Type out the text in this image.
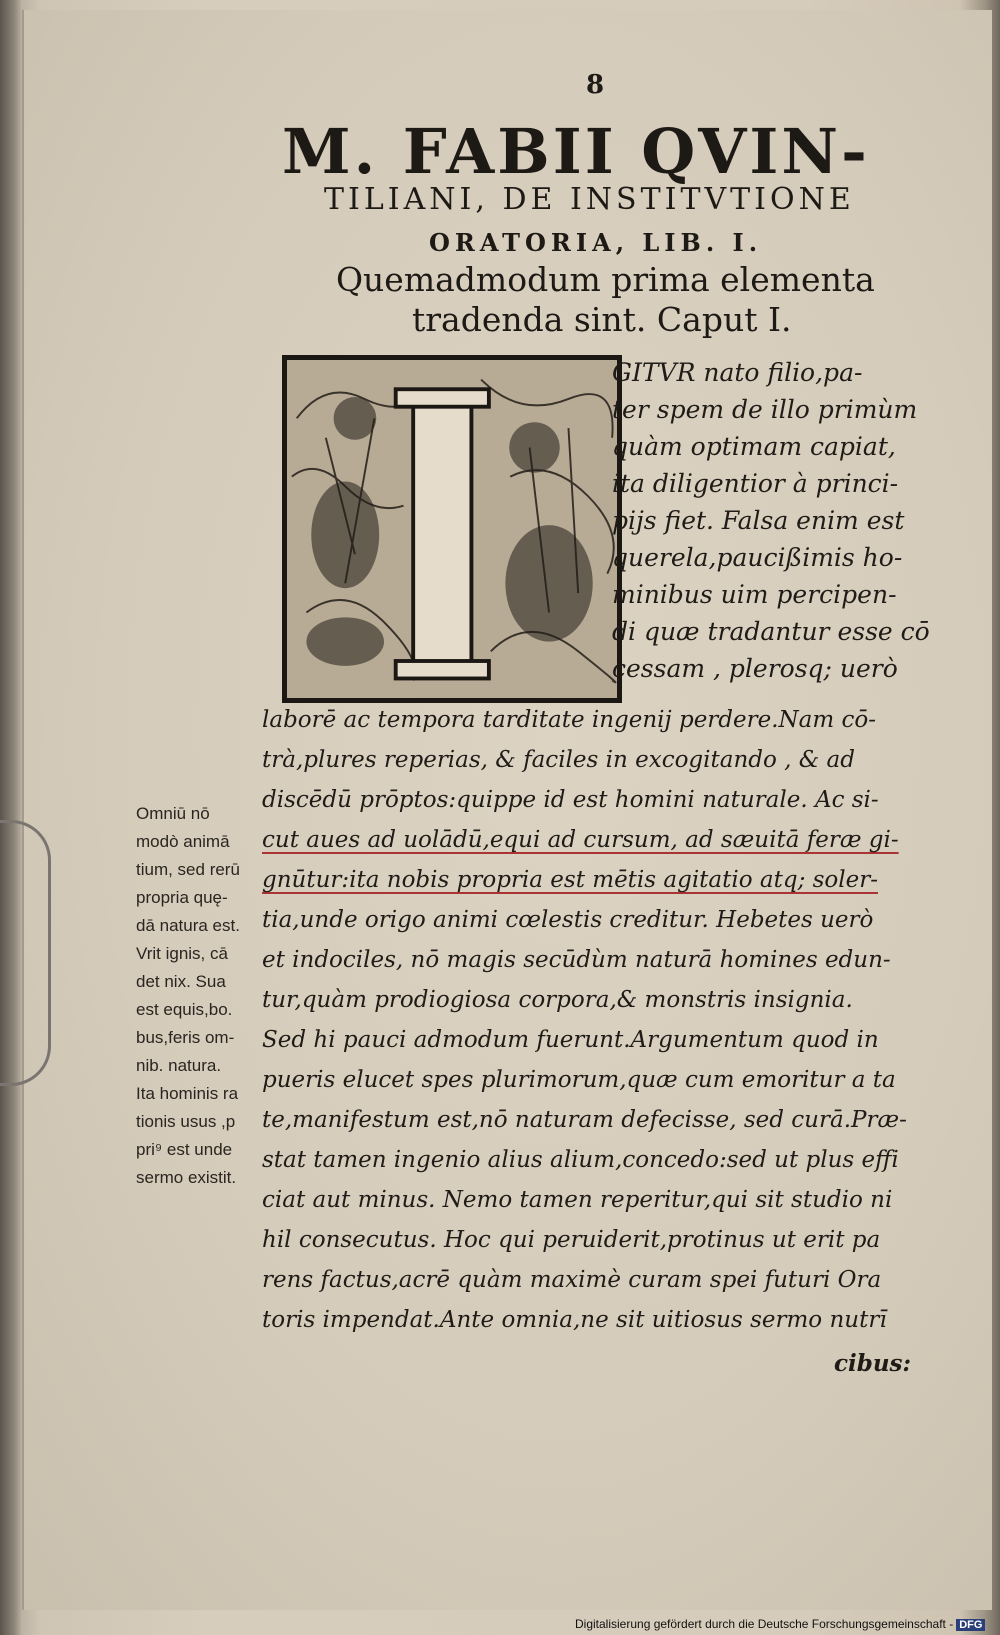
8
M. FABII QVIN-
TILIANI, DE INSTITVTIONE
ORATORIA, LIB. I.
Quemadmodum prima elementa
tradenda sint. Caput I.
Omniū nō
modò animā
tium, sed rerū
propria quę-
dā natura est.
Vrit ignis, cā
det nix. Sua
est equis,bo.
bus,feris om-
nib. natura.
Ita hominis ra
tionis usus ,p
pri⁹ est unde
sermo existit.
GITVR nato filio,pa-
ter spem de illo primùm
quàm optimam capiat,
ita diligentior à princi-
pijs fiet. Falsa enim est
querela,paucißimis ho-
minibus uim percipen-
di quæ tradantur esse cō
cessam , plerosq; uerò
laborē ac tempora tarditate ingenij perdere.Nam cō-
trà,plures reperias, & faciles in excogitando , & ad
discēdū prōptos:quippe id est homini naturale. Ac si-
cut aues ad uolādū,equi ad cursum, ad sæuitā feræ gi-
gnūtur:ita nobis propria est mētis agitatio atq; soler-
tia,unde origo animi cœlestis creditur. Hebetes uerò
et indociles, nō magis secūdùm naturā homines edun-
tur,quàm prodiogiosa corpora,& monstris insignia.
Sed hi pauci admodum fuerunt.Argumentum quod in
pueris elucet spes plurimorum,quæ cum emoritur a ta
te,manifestum est,nō naturam defecisse, sed curā.Præ-
stat tamen ingenio alius alium,concedo:sed ut plus effi
ciat aut minus. Nemo tamen reperitur,qui sit studio ni
hil consecutus. Hoc qui peruiderit,protinus ut erit pa
rens factus,acrē quàm maximè curam spei futuri Ora
toris impendat.Ante omnia,ne sit uitiosus sermo nutrī
cibus:
Digitalisierung gefördert durch die Deutsche Forschungsgemeinschaft - DFG
